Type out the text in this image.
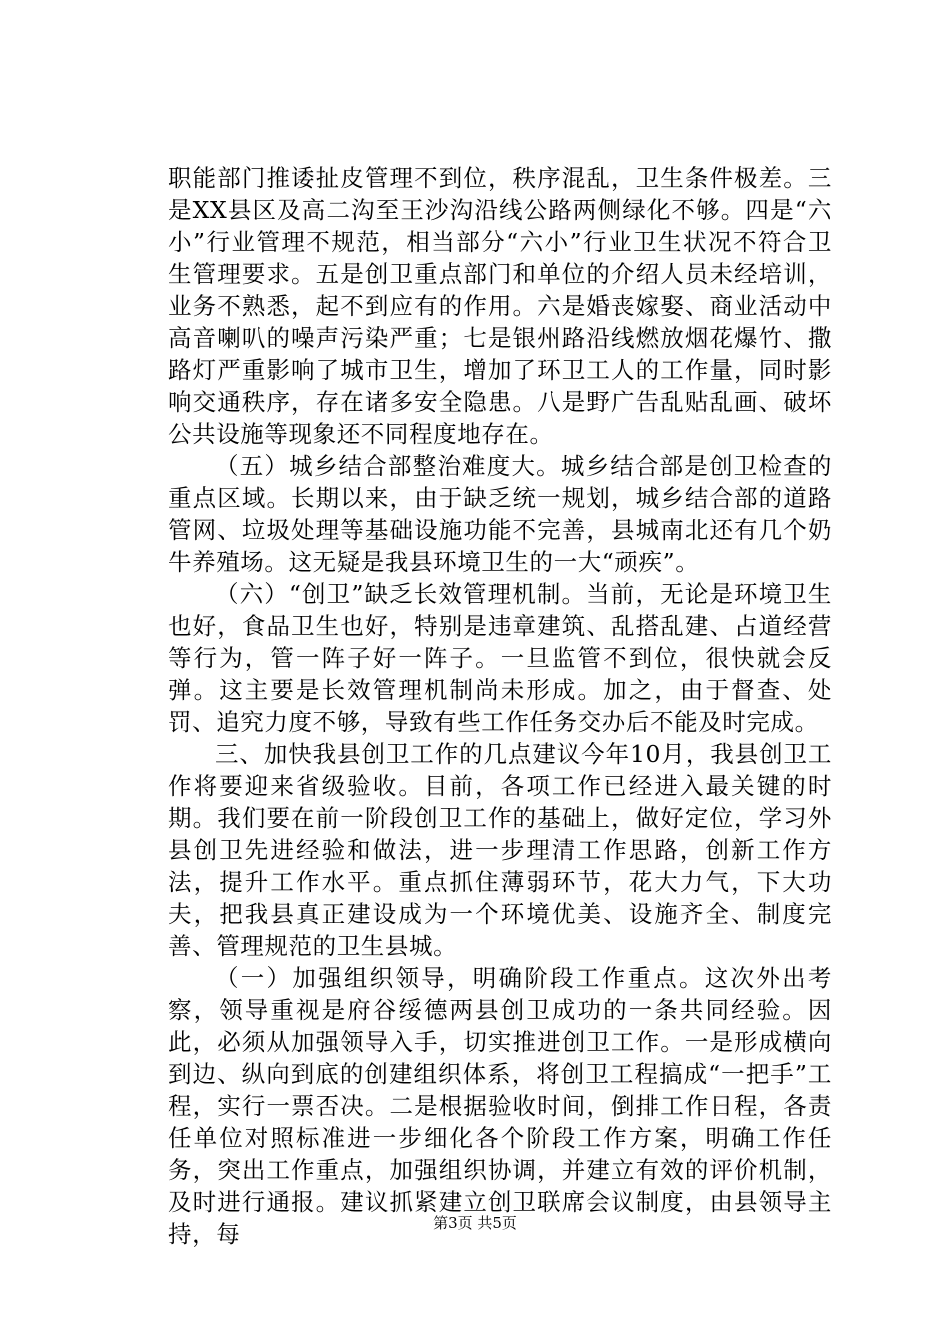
职能部门推诿扯皮管理不到位，秩序混乱，卫生条件极差。三是XX县区及高二沟至王沙沟沿线公路两侧绿化不够。四是“六小”行业管理不规范，相当部分“六小”行业卫生状况不符合卫生管理要求。五是创卫重点部门和单位的介绍人员未经培训，业务不熟悉，起不到应有的作用。六是婚丧嫁娶、商业活动中高音喇叭的噪声污染严重；七是银州路沿线燃放烟花爆竹、撒路灯严重影响了城市卫生，增加了环卫工人的工作量，同时影响交通秩序，存在诸多安全隐患。八是野广告乱贴乱画、破坏公共设施等现象还不同程度地存在。

（五）城乡结合部整治难度大。城乡结合部是创卫检查的重点区域。长期以来，由于缺乏统一规划，城乡结合部的道路管网、垃圾处理等基础设施功能不完善，县城南北还有几个奶牛养殖场。这无疑是我县环境卫生的一大“顽疾”。

（六）“创卫”缺乏长效管理机制。当前，无论是环境卫生也好，食品卫生也好，特别是违章建筑、乱搭乱建、占道经营等行为，管一阵子好一阵子。一旦监管不到位，很快就会反弹。这主要是长效管理机制尚未形成。加之，由于督查、处罚、追究力度不够，导致有些工作任务交办后不能及时完成。

三、加快我县创卫工作的几点建议今年10月，我县创卫工作将要迎来省级验收。目前，各项工作已经进入最关键的时期。我们要在前一阶段创卫工作的基础上，做好定位，学习外县创卫先进经验和做法，进一步理清工作思路，创新工作方法，提升工作水平。重点抓住薄弱环节，花大力气，下大功夫，把我县真正建设成为一个环境优美、设施齐全、制度完善、管理规范的卫生县城。

（一）加强组织领导，明确阶段工作重点。这次外出考察，领导重视是府谷绥德两县创卫成功的一条共同经验。因此，必须从加强领导入手，切实推进创卫工作。一是形成横向到边、纵向到底的创建组织体系，将创卫工程搞成“一把手”工程，实行一票否决。二是根据验收时间，倒排工作日程，各责任单位对照标准进一步细化各个阶段工作方案，明确工作任务，突出工作重点，加强组织协调，并建立有效的评价机制，及时进行通报。建议抓紧建立创卫联席会议制度，由县领导主持，每	第3页 共5页
